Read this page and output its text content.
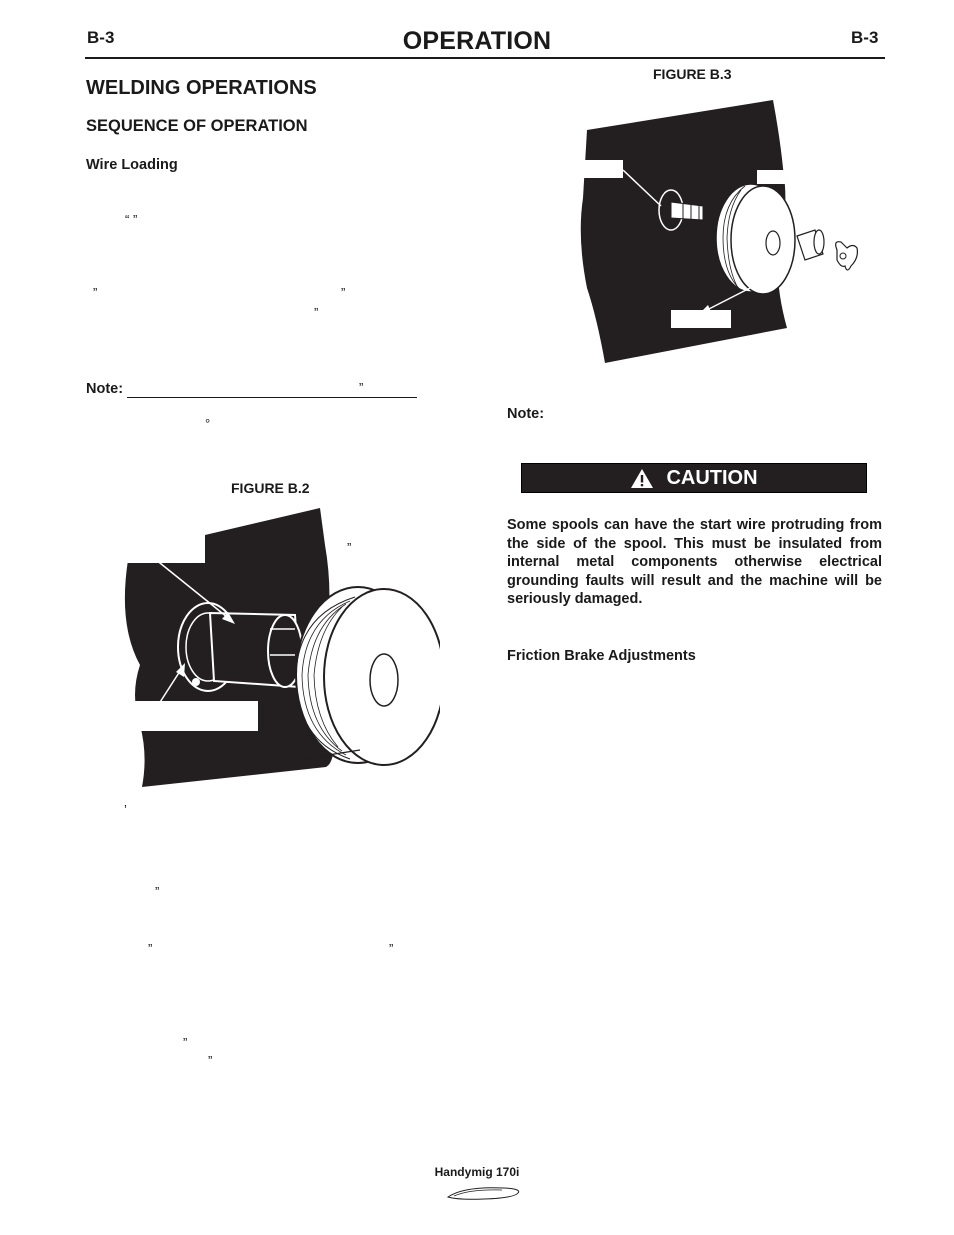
B-3	OPERATION	B-3
WELDING OPERATIONS
SEQUENCE OF OPERATION
Wire Loading
“ ”
”	”
”
Note:	”
°
FIGURE B.2
”
’
”
”	”
”
”
FIGURE B.3
Note:
CAUTION
Some spools can have the start wire protruding from the side of the spool. This must be insulated from internal metal components otherwise electrical grounding faults will result and the machine will be seriously damaged.
Friction Brake Adjustments
Handymig 170i
